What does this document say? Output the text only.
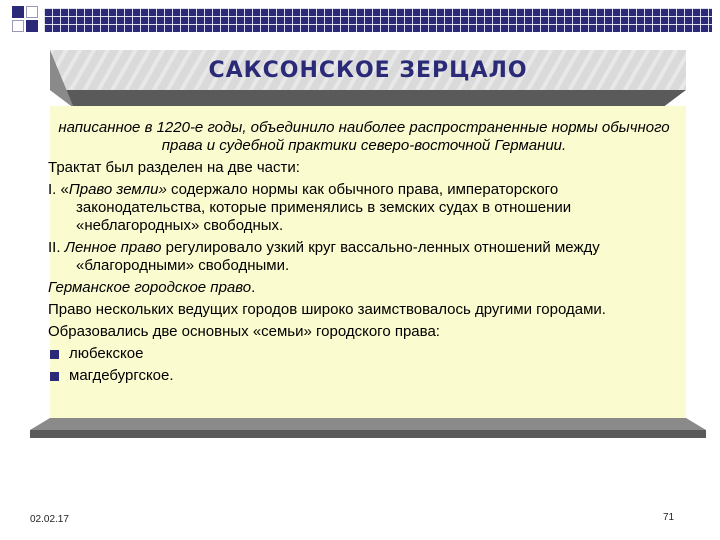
САКСОНСКОЕ ЗЕРЦАЛО

написанное в 1220-е годы, объединило наиболее распространенные нормы обычного права и судебной практики северо-восточной Германии.

Трактат был разделен на две части:

I. «Право земли» содержало нормы как обычного права, императорского законодательства, которые применялись в земских судах в отношении «неблагородных» свободных.

II. Ленное право регулировало узкий круг вассально-ленных отношений между «благородными» свободными.

Германское городское право.

Право нескольких ведущих городов широко заимствовалось другими городами.

Образовались две основных «семьи» городского права:

любекское
магдебургское.
02.02.17	71
